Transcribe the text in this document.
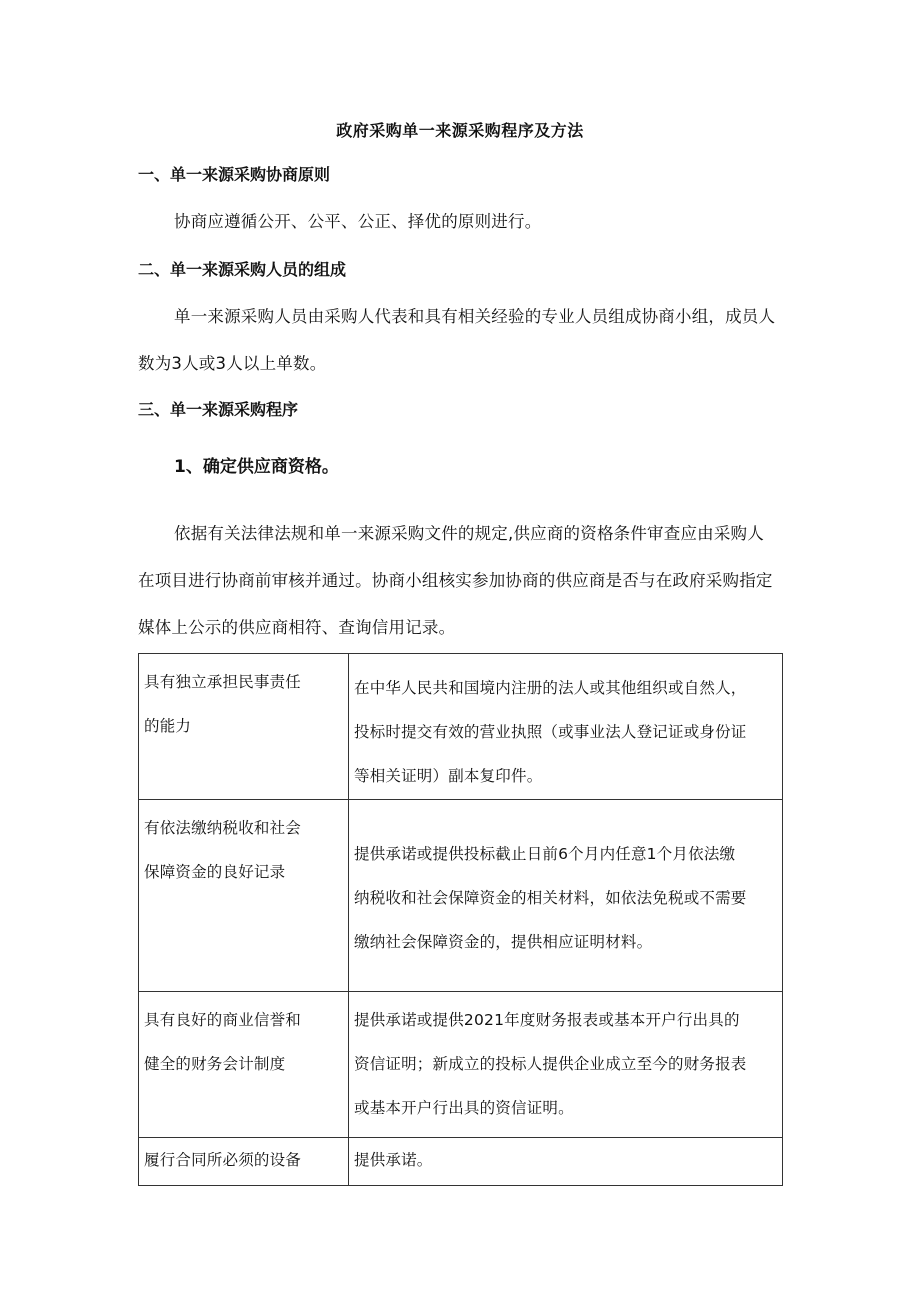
政府采购单一来源采购程序及方法
一、单一来源采购协商原则
协商应遵循公开、公平、公正、择优的原则进行。
二、单一来源采购人员的组成
单一来源采购人员由采购人代表和具有相关经验的专业人员组成协商小组，成员人
数为3人或3人以上单数。
三、单一来源采购程序
1、确定供应商资格。
依据有关法律法规和单一来源采购文件的规定,供应商的资格条件审查应由采购人
在项目进行协商前审核并通过。协商小组核实参加协商的供应商是否与在政府采购指定
媒体上公示的供应商相符、查询信用记录。
具有独立承担民事责任
的能力	在中华人民共和国境内注册的法人或其他组织或自然人，
投标时提交有效的营业执照（或事业法人登记证或身份证
等相关证明）副本复印件。

有依法缴纳税收和社会
保障资金的良好记录	提供承诺或提供投标截止日前6个月内任意1个月依法缴
纳税收和社会保障资金的相关材料，如依法免税或不需要
缴纳社会保障资金的，提供相应证明材料。

具有良好的商业信誉和
健全的财务会计制度	提供承诺或提供2021年度财务报表或基本开户行出具的
资信证明；新成立的投标人提供企业成立至今的财务报表
或基本开户行出具的资信证明。

履行合同所必须的设备	提供承诺。
